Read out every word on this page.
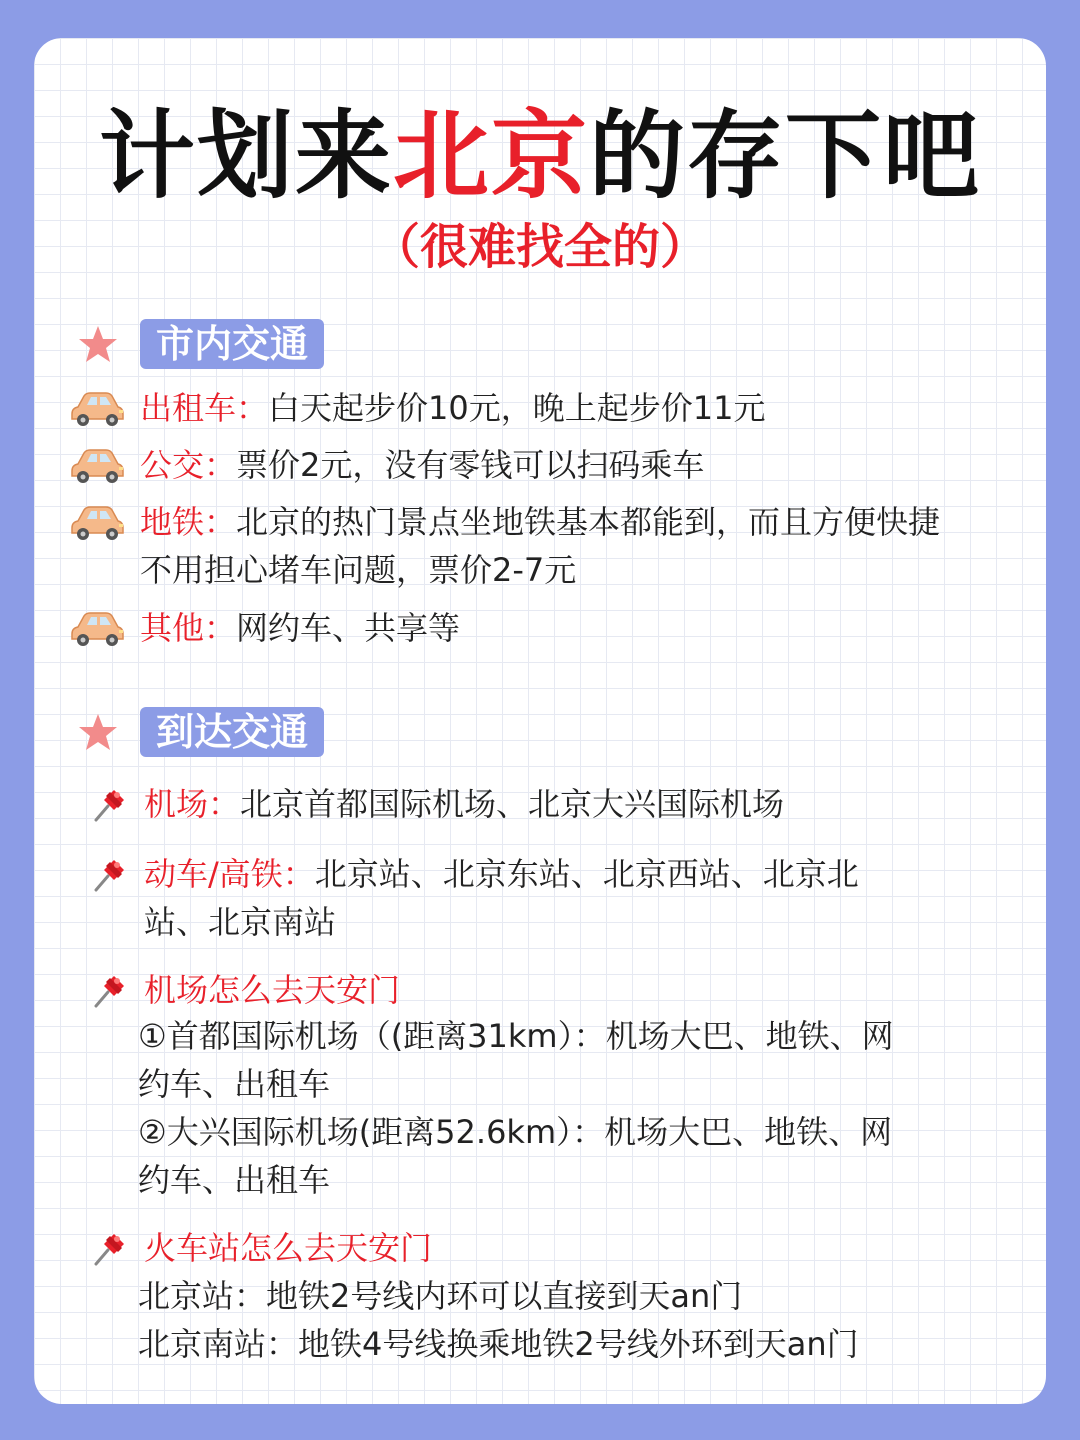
计划来北京的存下吧
（很难找全的）
市内交通
出租车：白天起步价10元，晚上起步价11元
公交：票价2元，没有零钱可以扫码乘车
地铁：北京的热门景点坐地铁基本都能到，而且方便快捷
不用担心堵车问题，票价2-7元
其他：网约车、共享等
到达交通
机场：北京首都国际机场、北京大兴国际机场
动车/高铁：北京站、北京东站、北京西站、北京北
站、北京南站
机场怎么去天安门
①首都国际机场（(距离31km）：机场大巴、地铁、网
约车、出租车
②大兴国际机场(距离52.6km）：机场大巴、地铁、网
约车、出租车
火车站怎么去天安门
北京站：地铁2号线内环可以直接到天an门
北京南站：地铁4号线换乘地铁2号线外环到天an门
